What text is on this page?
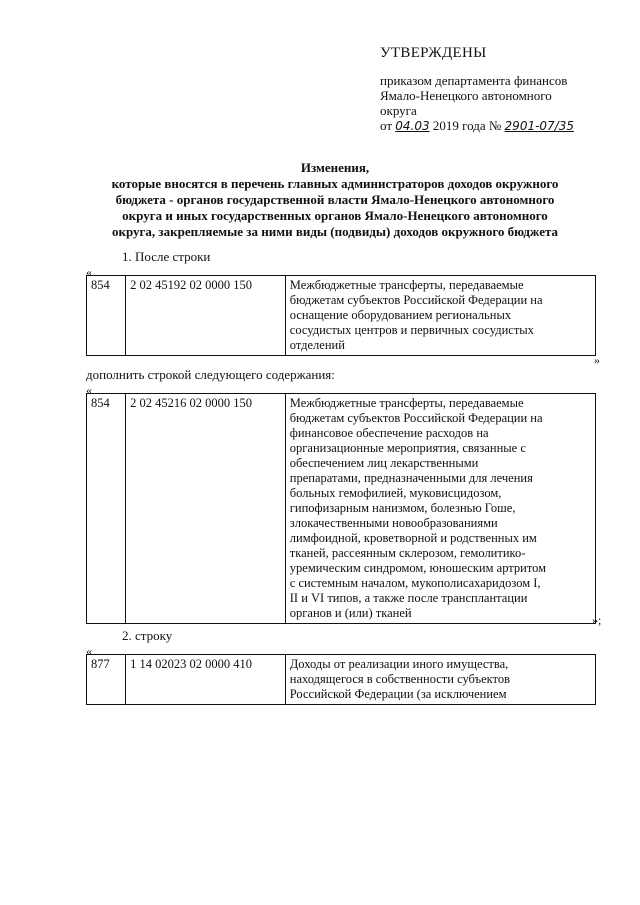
УТВЕРЖДЕНЫ
приказом департамента финансов
Ямало-Ненецкого автономного
округа
от 04.03 2019 года № 2901-07/35
Изменения,
которые вносятся в перечень главных администраторов доходов окружного
бюджета - органов государственной власти Ямало-Ненецкого автономного
округа и иных государственных органов Ямало-Ненецкого автономного
округа, закрепляемые за ними виды (подвиды) доходов окружного бюджета
1. После строки
«
854	2 02 45192 02 0000 150	Межбюджетные трансферты, передаваемые
бюджетам субъектов Российской Федерации на
оснащение оборудованием региональных
сосудистых центров и первичных сосудистых
отделений
»
дополнить строкой следующего содержания:
«
854	2 02 45216 02 0000 150	Межбюджетные трансферты, передаваемые
бюджетам субъектов Российской Федерации на
финансовое обеспечение расходов на
организационные мероприятия, связанные с
обеспечением лиц лекарственными
препаратами, предназначенными для лечения
больных гемофилией, муковисцидозом,
гипофизарным нанизмом, болезнью Гоше,
злокачественными новообразованиями
лимфоидной, кроветворной и родственных им
тканей, рассеянным склерозом, гемолитико-
уремическим синдромом, юношеским артритом
с системным началом, мукополисахаридозом I,
II и VI типов, а также после трансплантации
органов и (или) тканей	»;
2. строку
«
877	1 14 02023 02 0000 410	Доходы от реализации иного имущества,
находящегося в собственности субъектов
Российской Федерации (за исключением
